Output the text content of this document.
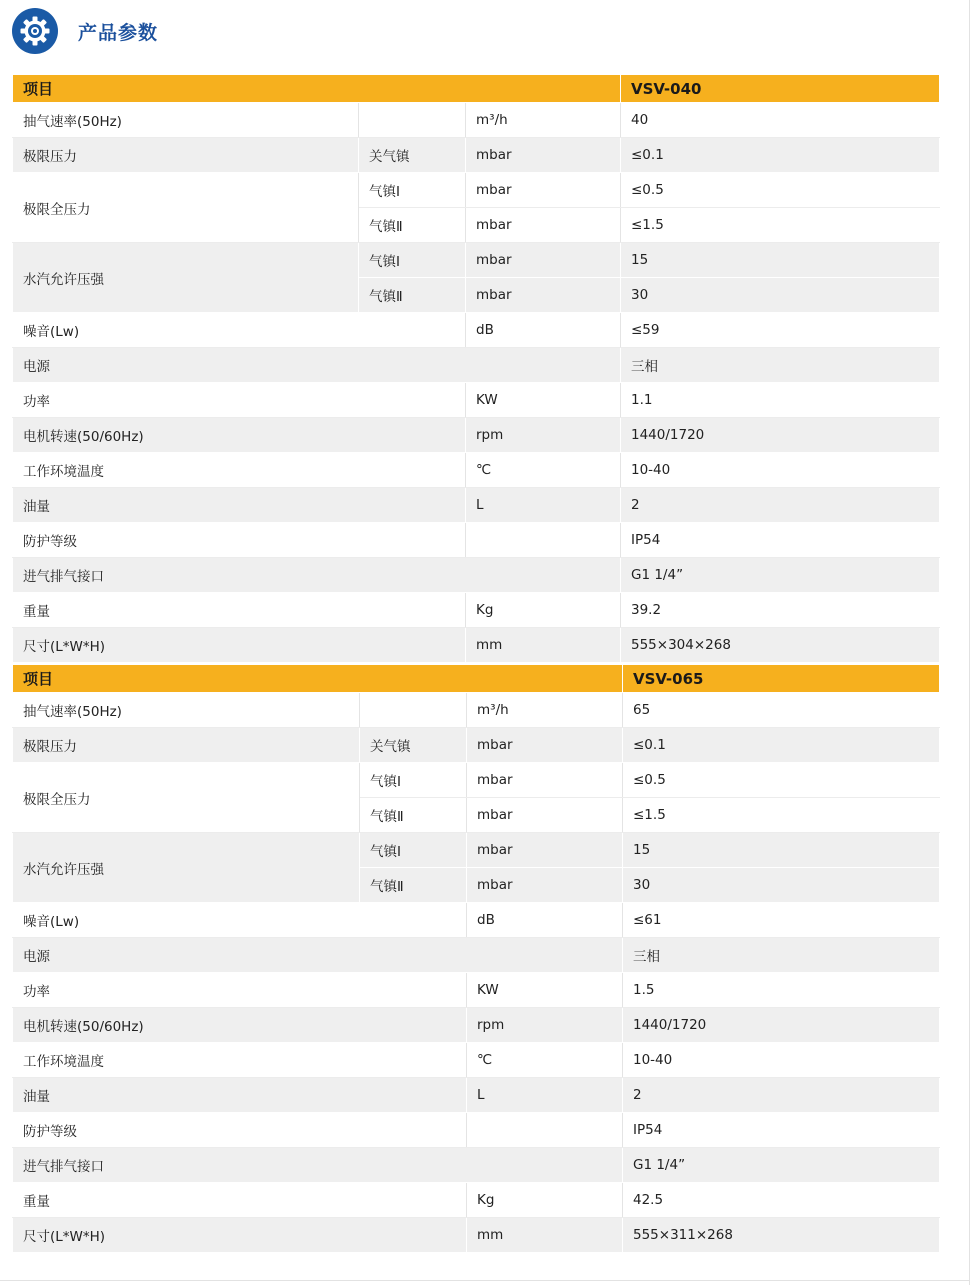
产品参数
项目			VSV-040
抽气速率(50Hz)		m³/h	40
极限压力	关气镇	mbar	≤0.1
极限全压力	气镇Ⅰ	mbar	≤0.5
	气镇Ⅱ	mbar	≤1.5
水汽允许压强	气镇Ⅰ	mbar	15
	气镇Ⅱ	mbar	30
噪音(Lw)		dB	≤59
电源			三相
功率		KW	1.1
电机转速(50/60Hz)		rpm	1440/1720
工作环境温度		℃	10-40
油量		L	2
防护等级			IP54
进气排气接口			G1 1/4”
重量		Kg	39.2
尺寸(L*W*H)		mm	555×304×268
项目			VSV-065
抽气速率(50Hz)		m³/h	65
极限压力	关气镇	mbar	≤0.1
极限全压力	气镇Ⅰ	mbar	≤0.5
	气镇Ⅱ	mbar	≤1.5
水汽允许压强	气镇Ⅰ	mbar	15
	气镇Ⅱ	mbar	30
噪音(Lw)		dB	≤61
电源			三相
功率		KW	1.5
电机转速(50/60Hz)		rpm	1440/1720
工作环境温度		℃	10-40
油量		L	2
防护等级			IP54
进气排气接口			G1 1/4”
重量		Kg	42.5
尺寸(L*W*H)		mm	555×311×268
